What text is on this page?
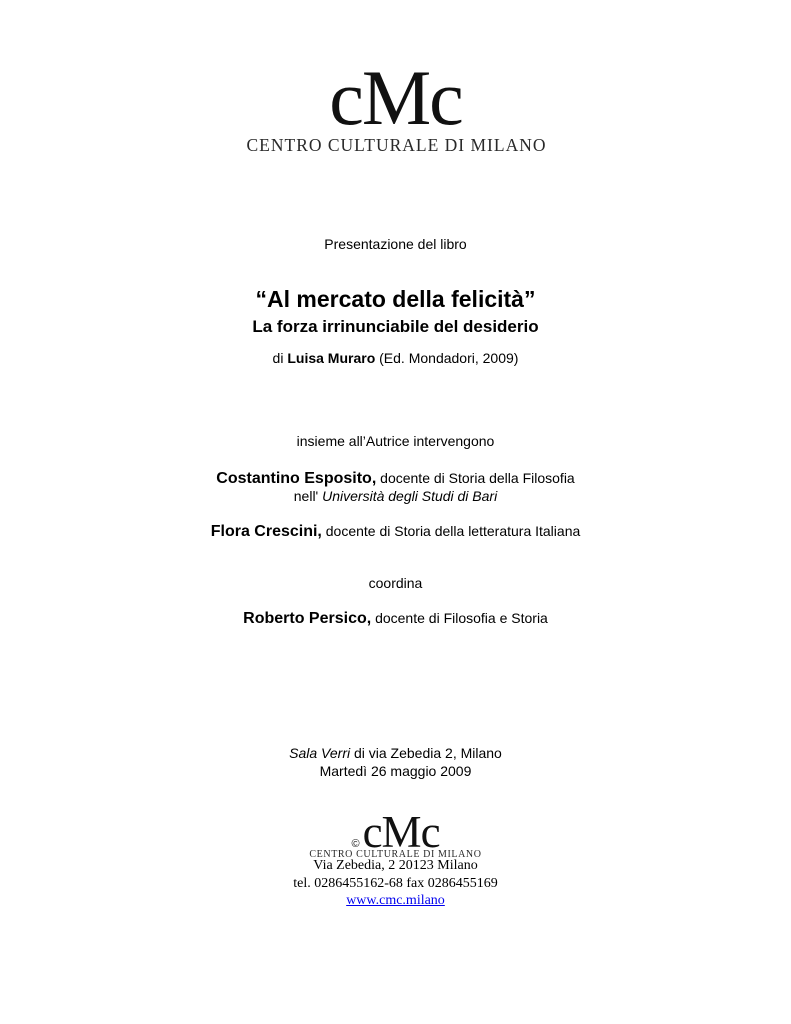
cMc
CENTRO CULTURALE DI MILANO
Presentazione del libro
“Al mercato della felicità”
La forza irrinunciabile del desiderio
di Luisa Muraro (Ed. Mondadori, 2009)
insieme all’Autrice intervengono
Costantino Esposito, docente di Storia della Filosofia
nell' Università degli Studi di Bari
Flora Crescini, docente di Storia della letteratura Italiana
coordina
Roberto Persico, docente di Filosofia e Storia
Sala Verri di via Zebedia 2, Milano
Martedì 26 maggio 2009
©cMc
CENTRO CULTURALE DI MILANO
Via Zebedia, 2 20123 Milano
tel. 0286455162-68 fax 0286455169
www.cmc.milano
